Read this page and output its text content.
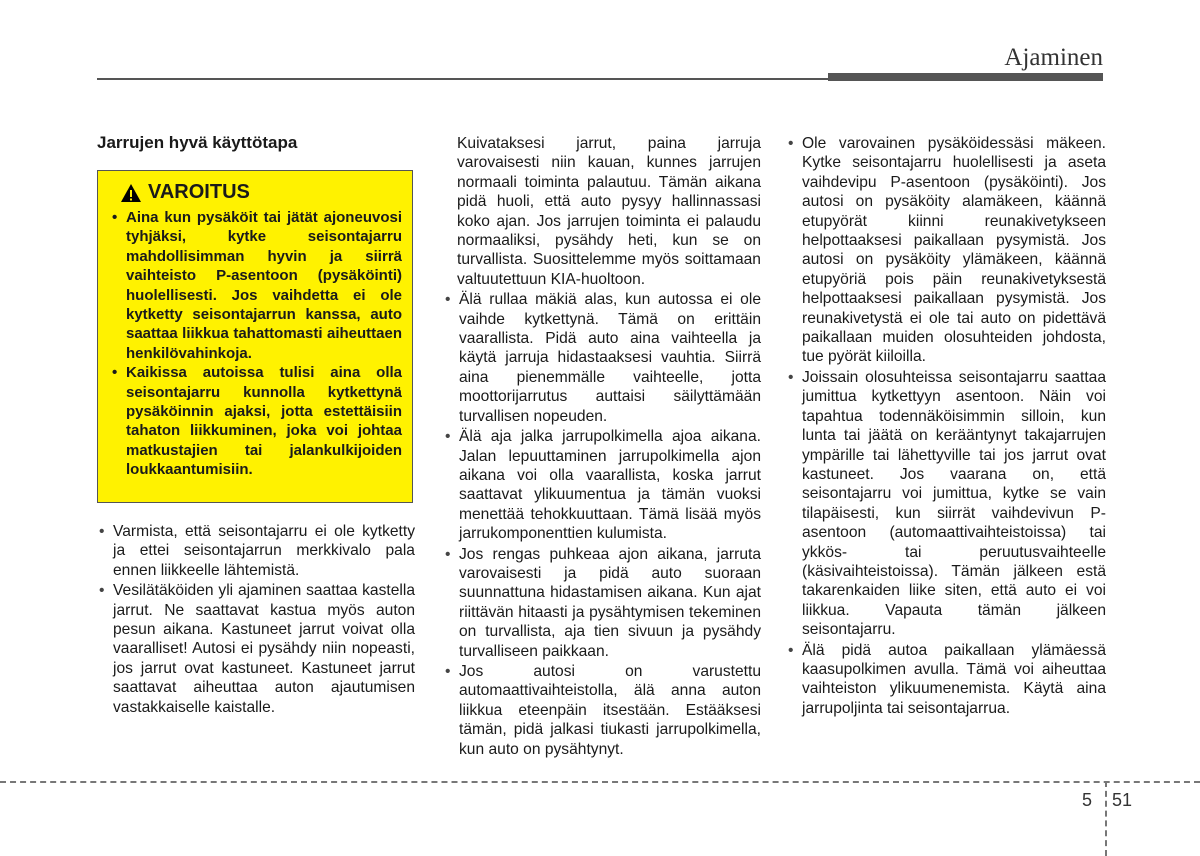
Ajaminen
Jarrujen hyvä käyttötapa
VAROITUS
• Aina kun pysäköit tai jätät ajoneuvosi tyhjäksi, kytke seisontajarru mahdollisimman hyvin ja siirrä vaihteisto P-asentoon (pysäköinti) huolellisesti. Jos vaihdetta ei ole kytketty seisontajarrun kanssa, auto saattaa liikkua tahattomasti aiheuttaen henkilövahinkoja.
• Kaikissa autoissa tulisi aina olla seisontajarru kunnolla kytkettynä pysäköinnin ajaksi, jotta estettäisiin tahaton liikkuminen, joka voi johtaa matkustajien tai jalankulkijoiden loukkaantumisiin.
• Varmista, että seisontajarru ei ole kytketty ja ettei seisontajarrun merkkivalo pala ennen liikkeelle lähtemistä.
• Vesilätäköiden yli ajaminen saattaa kastella jarrut. Ne saattavat kastua myös auton pesun aikana. Kastuneet jarrut voivat olla vaaralliset! Autosi ei pysähdy niin nopeasti, jos jarrut ovat kastuneet. Kastuneet jarrut saattavat aiheuttaa auton ajautumisen vastakkaiselle kaistalle.

Kuivataksesi jarrut, paina jarruja varovaisesti niin kauan, kunnes jarrujen normaali toiminta palautuu. Tämän aikana pidä huoli, että auto pysyy hallinnassasi koko ajan. Jos jarrujen toiminta ei palaudu normaaliksi, pysähdy heti, kun se on turvallista. Suosittelemme myös soittamaan valtuutettuun KIA-huoltoon.

• Älä rullaa mäkiä alas, kun autossa ei ole vaihde kytkettynä. Tämä on erittäin vaarallista. Pidä auto aina vaihteella ja käytä jarruja hidastaaksesi vauhtia. Siirrä aina pienemmälle vaihteelle, jotta moottorijarrutus auttaisi säilyttämään turvallisen nopeuden.
• Älä aja jalka jarrupolkimella ajoa aikana. Jalan lepuuttaminen jarrupolkimella ajon aikana voi olla vaarallista, koska jarrut saattavat ylikuumentua ja tämän vuoksi menettää tehokkuuttaan. Tämä lisää myös jarrukomponenttien kulumista.
• Jos rengas puhkeaa ajon aikana, jarruta varovaisesti ja pidä auto suoraan suunnattuna hidastamisen aikana. Kun ajat riittävän hitaasti ja pysähtymisen tekeminen on turvallista, aja tien sivuun ja pysähdy turvalliseen paikkaan.
• Jos autosi on varustettu automaattivaihteistolla, älä anna auton liikkua eteenpäin itsestään. Estääksesi tämän, pidä jalkasi tiukasti jarrupolkimella, kun auto on pysähtynyt.
• Ole varovainen pysäköidessäsi mäkeen. Kytke seisontajarru huolellisesti ja aseta vaihdevipu P-asentoon (pysäköinti). Jos autosi on pysäköity alamäkeen, käännä etupyörät kiinni reunakivetykseen helpottaaksesi paikallaan pysymistä. Jos autosi on pysäköity ylämäkeen, käännä etupyöriä pois päin reunakivetyksestä helpottaaksesi paikallaan pysymistä. Jos reunakivetystä ei ole tai auto on pidettävä paikallaan muiden olosuhteiden johdosta, tue pyörät kiiloilla.
• Joissain olosuhteissa seisontajarru saattaa jumittua kytkettyyn asentoon. Näin voi tapahtua todennäköisimmin silloin, kun lunta tai jäätä on kerääntynyt takajarrujen ympärille tai lähettyville tai jos jarrut ovat kastuneet. Jos vaarana on, että seisontajarru voi jumittua, kytke se vain tilapäisesti, kun siirrät vaihdevivun P-asentoon (automaattivaihteistoissa) tai ykkös- tai peruutusvaihteelle (käsivaihteistoissa). Tämän jälkeen estä takarenkaiden liike siten, että auto ei voi liikkua. Vapauta tämän jälkeen seisontajarru.
• Älä pidä autoa paikallaan ylämäessä kaasupolkimen avulla. Tämä voi aiheuttaa vaihteiston ylikuumenemista. Käytä aina jarrupoljinta tai seisontajarrua.
5 51
